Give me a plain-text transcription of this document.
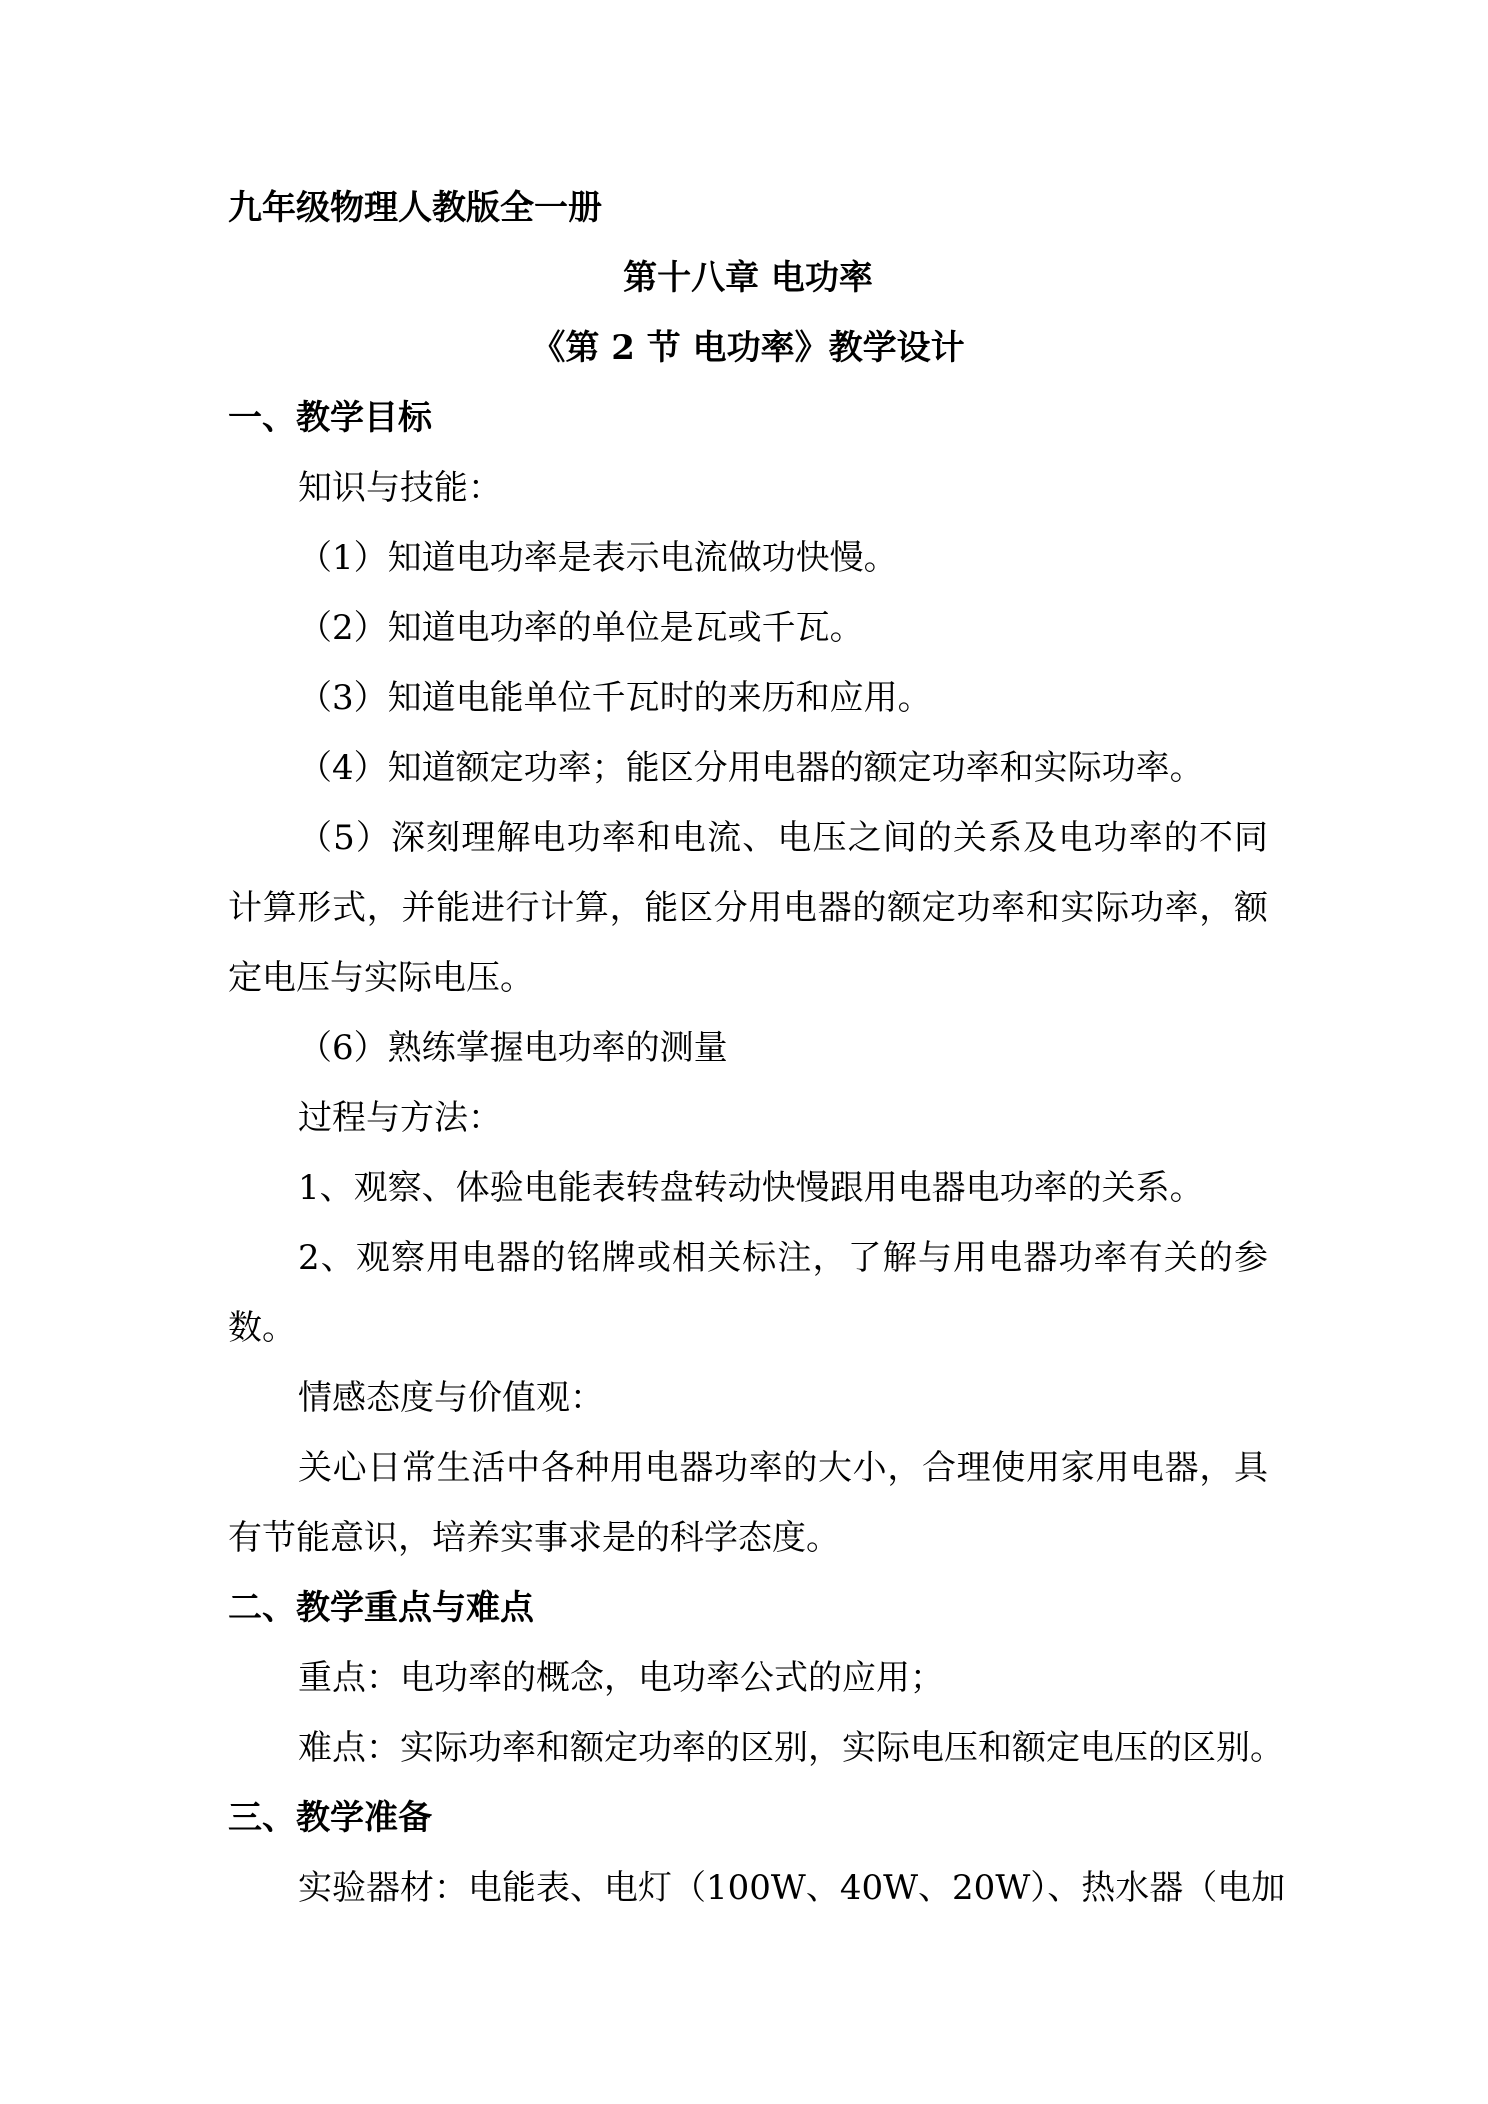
九年级物理人教版全一册
第十八章 电功率
《第 2 节 电功率》教学设计
一、教学目标
知识与技能：
（1）知道电功率是表示电流做功快慢。
（2）知道电功率的单位是瓦或千瓦。
（3）知道电能单位千瓦时的来历和应用。
（4）知道额定功率；能区分用电器的额定功率和实际功率。
（5）深刻理解电功率和电流、电压之间的关系及电功率的不同
计算形式，并能进行计算，能区分用电器的额定功率和实际功率，额
定电压与实际电压。
（6）熟练掌握电功率的测量
过程与方法：
1、观察、体验电能表转盘转动快慢跟用电器电功率的关系。
2、观察用电器的铭牌或相关标注，了解与用电器功率有关的参
数。
情感态度与价值观：
关心日常生活中各种用电器功率的大小，合理使用家用电器，具
有节能意识，培养实事求是的科学态度。
二、教学重点与难点
重点：电功率的概念，电功率公式的应用；
难点：实际功率和额定功率的区别，实际电压和额定电压的区别。
三、教学准备
实验器材：电能表、电灯（100W、40W、20W）、热水器（电加
